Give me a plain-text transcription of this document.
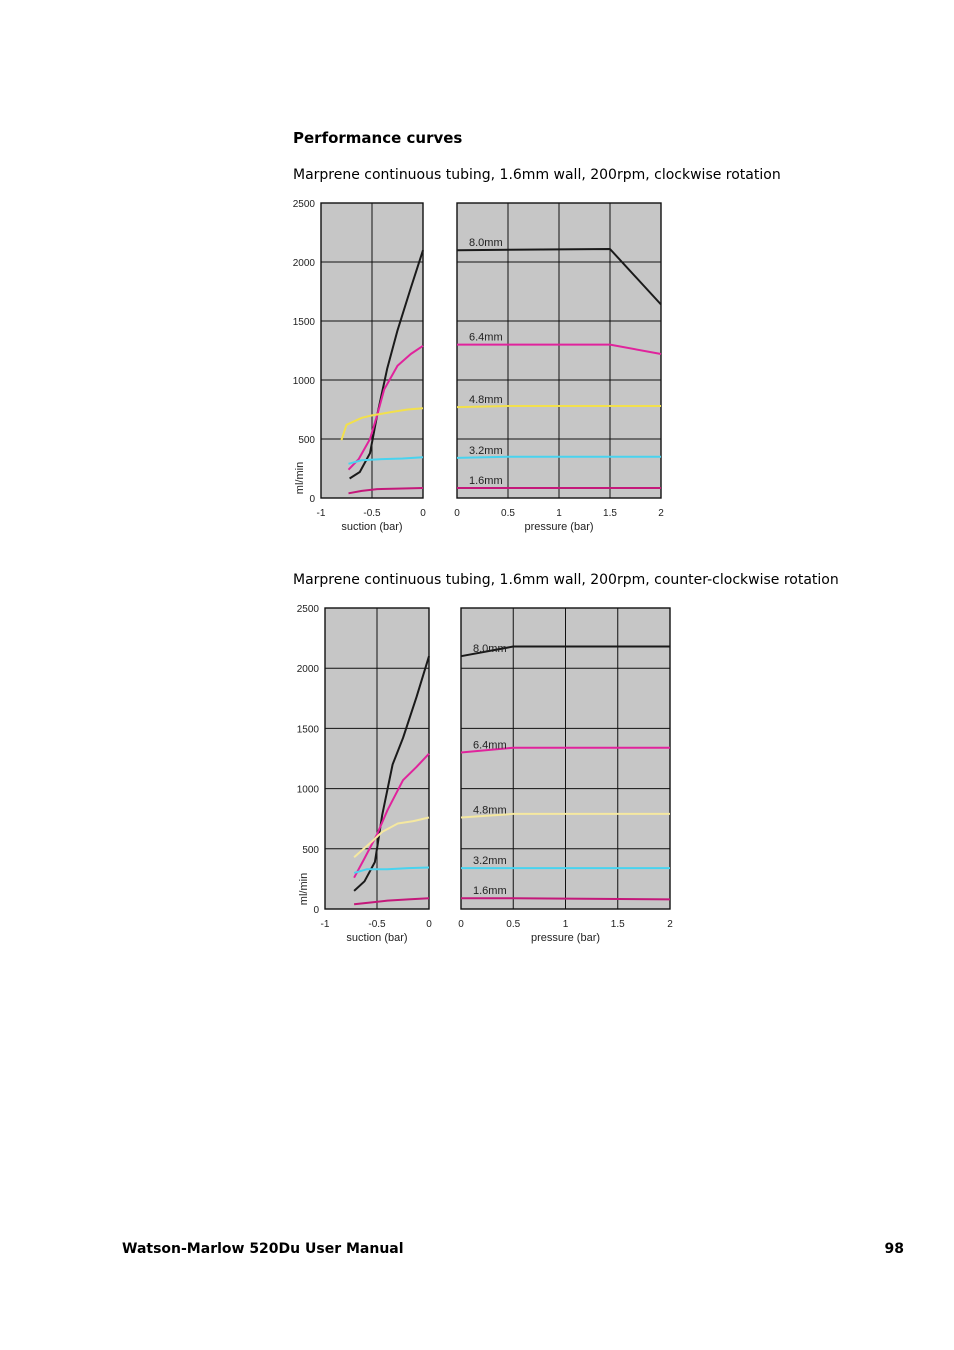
Performance curves
Marprene continuous tubing, 1.6mm wall, 200rpm, clockwise rotation
-1	-0.5	0
suction (bar)
0	0.5	1	1.5	2
pressure (bar)
2500
2000
1500
1000
500
0
ml/min
8.0mm
6.4mm
4.8mm
3.2mm
1.6mm
Marprene continuous tubing, 1.6mm wall, 200rpm, counter-clockwise rotation
-1	-0.5	0
suction (bar)
0	0.5	1	1.5	2
pressure (bar)
2500
2000
1500
1000
500
0
ml/min
8.0mm
6.4mm
4.8mm
3.2mm
1.6mm
Watson-Marlow 520Du User Manual	98
